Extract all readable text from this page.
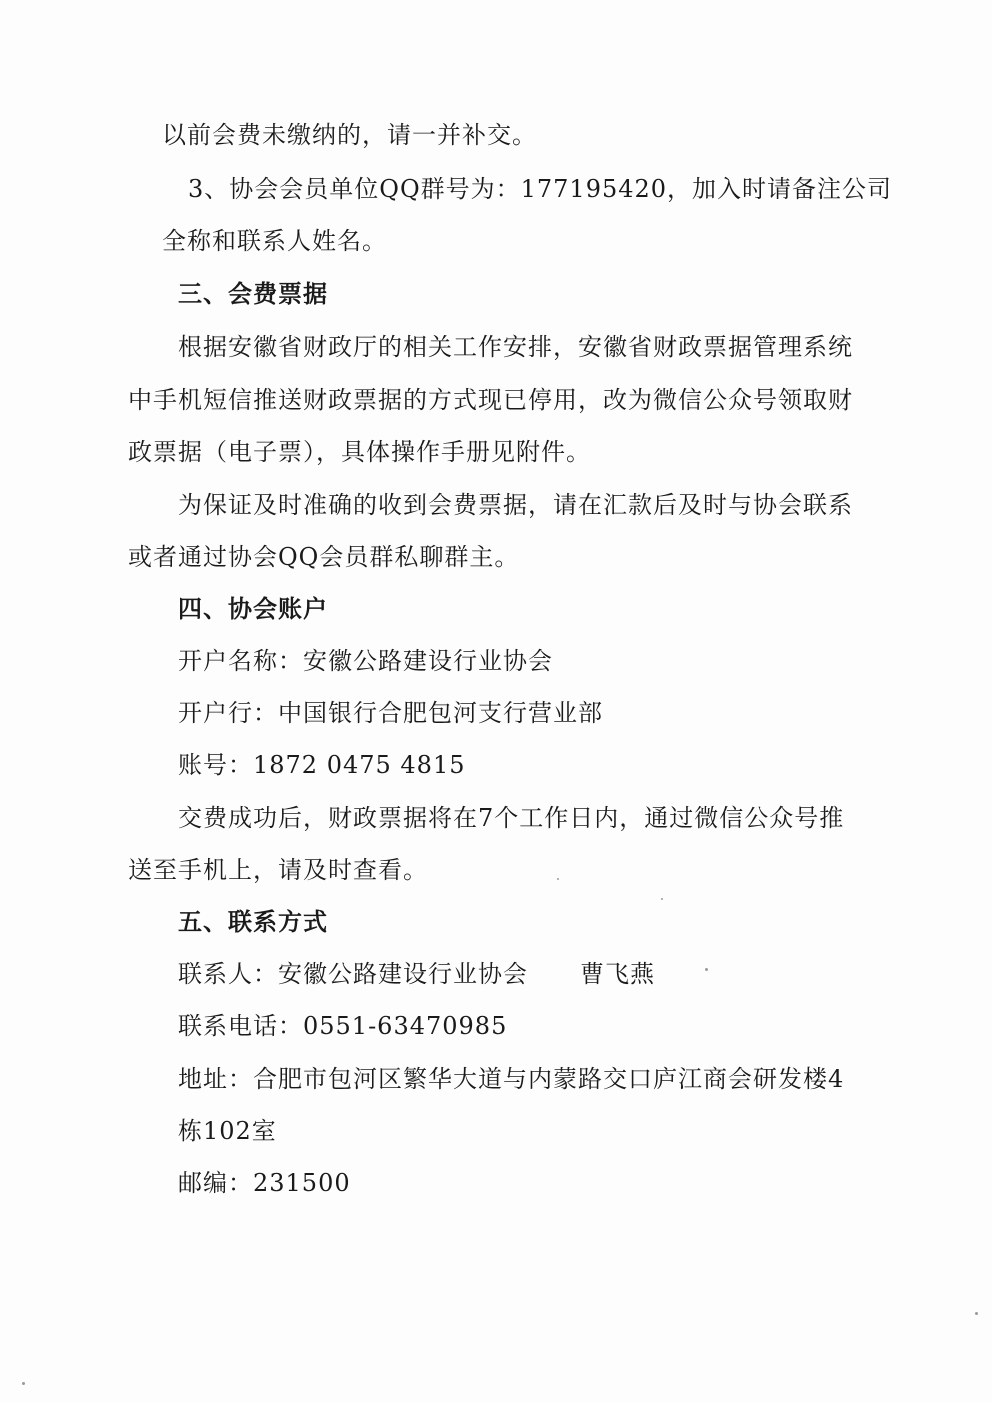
以前会费未缴纳的，请一并补交。
3、协会会员单位QQ群号为：177195420，加入时请备注公司
全称和联系人姓名。
三、会费票据
根据安徽省财政厅的相关工作安排，安徽省财政票据管理系统
中手机短信推送财政票据的方式现已停用，改为微信公众号领取财
政票据（电子票），具体操作手册见附件。
为保证及时准确的收到会费票据，请在汇款后及时与协会联系
或者通过协会QQ会员群私聊群主。
四、协会账户
开户名称：安徽公路建设行业协会
开户行：中国银行合肥包河支行营业部
账号：1872 0475 4815
交费成功后，财政票据将在7个工作日内，通过微信公众号推
送至手机上，请及时查看。
五、联系方式
联系人：安徽公路建设行业协会 曹飞燕
联系电话：0551-63470985
地址：合肥市包河区繁华大道与内蒙路交口庐江商会研发楼4
栋102室
邮编：231500
